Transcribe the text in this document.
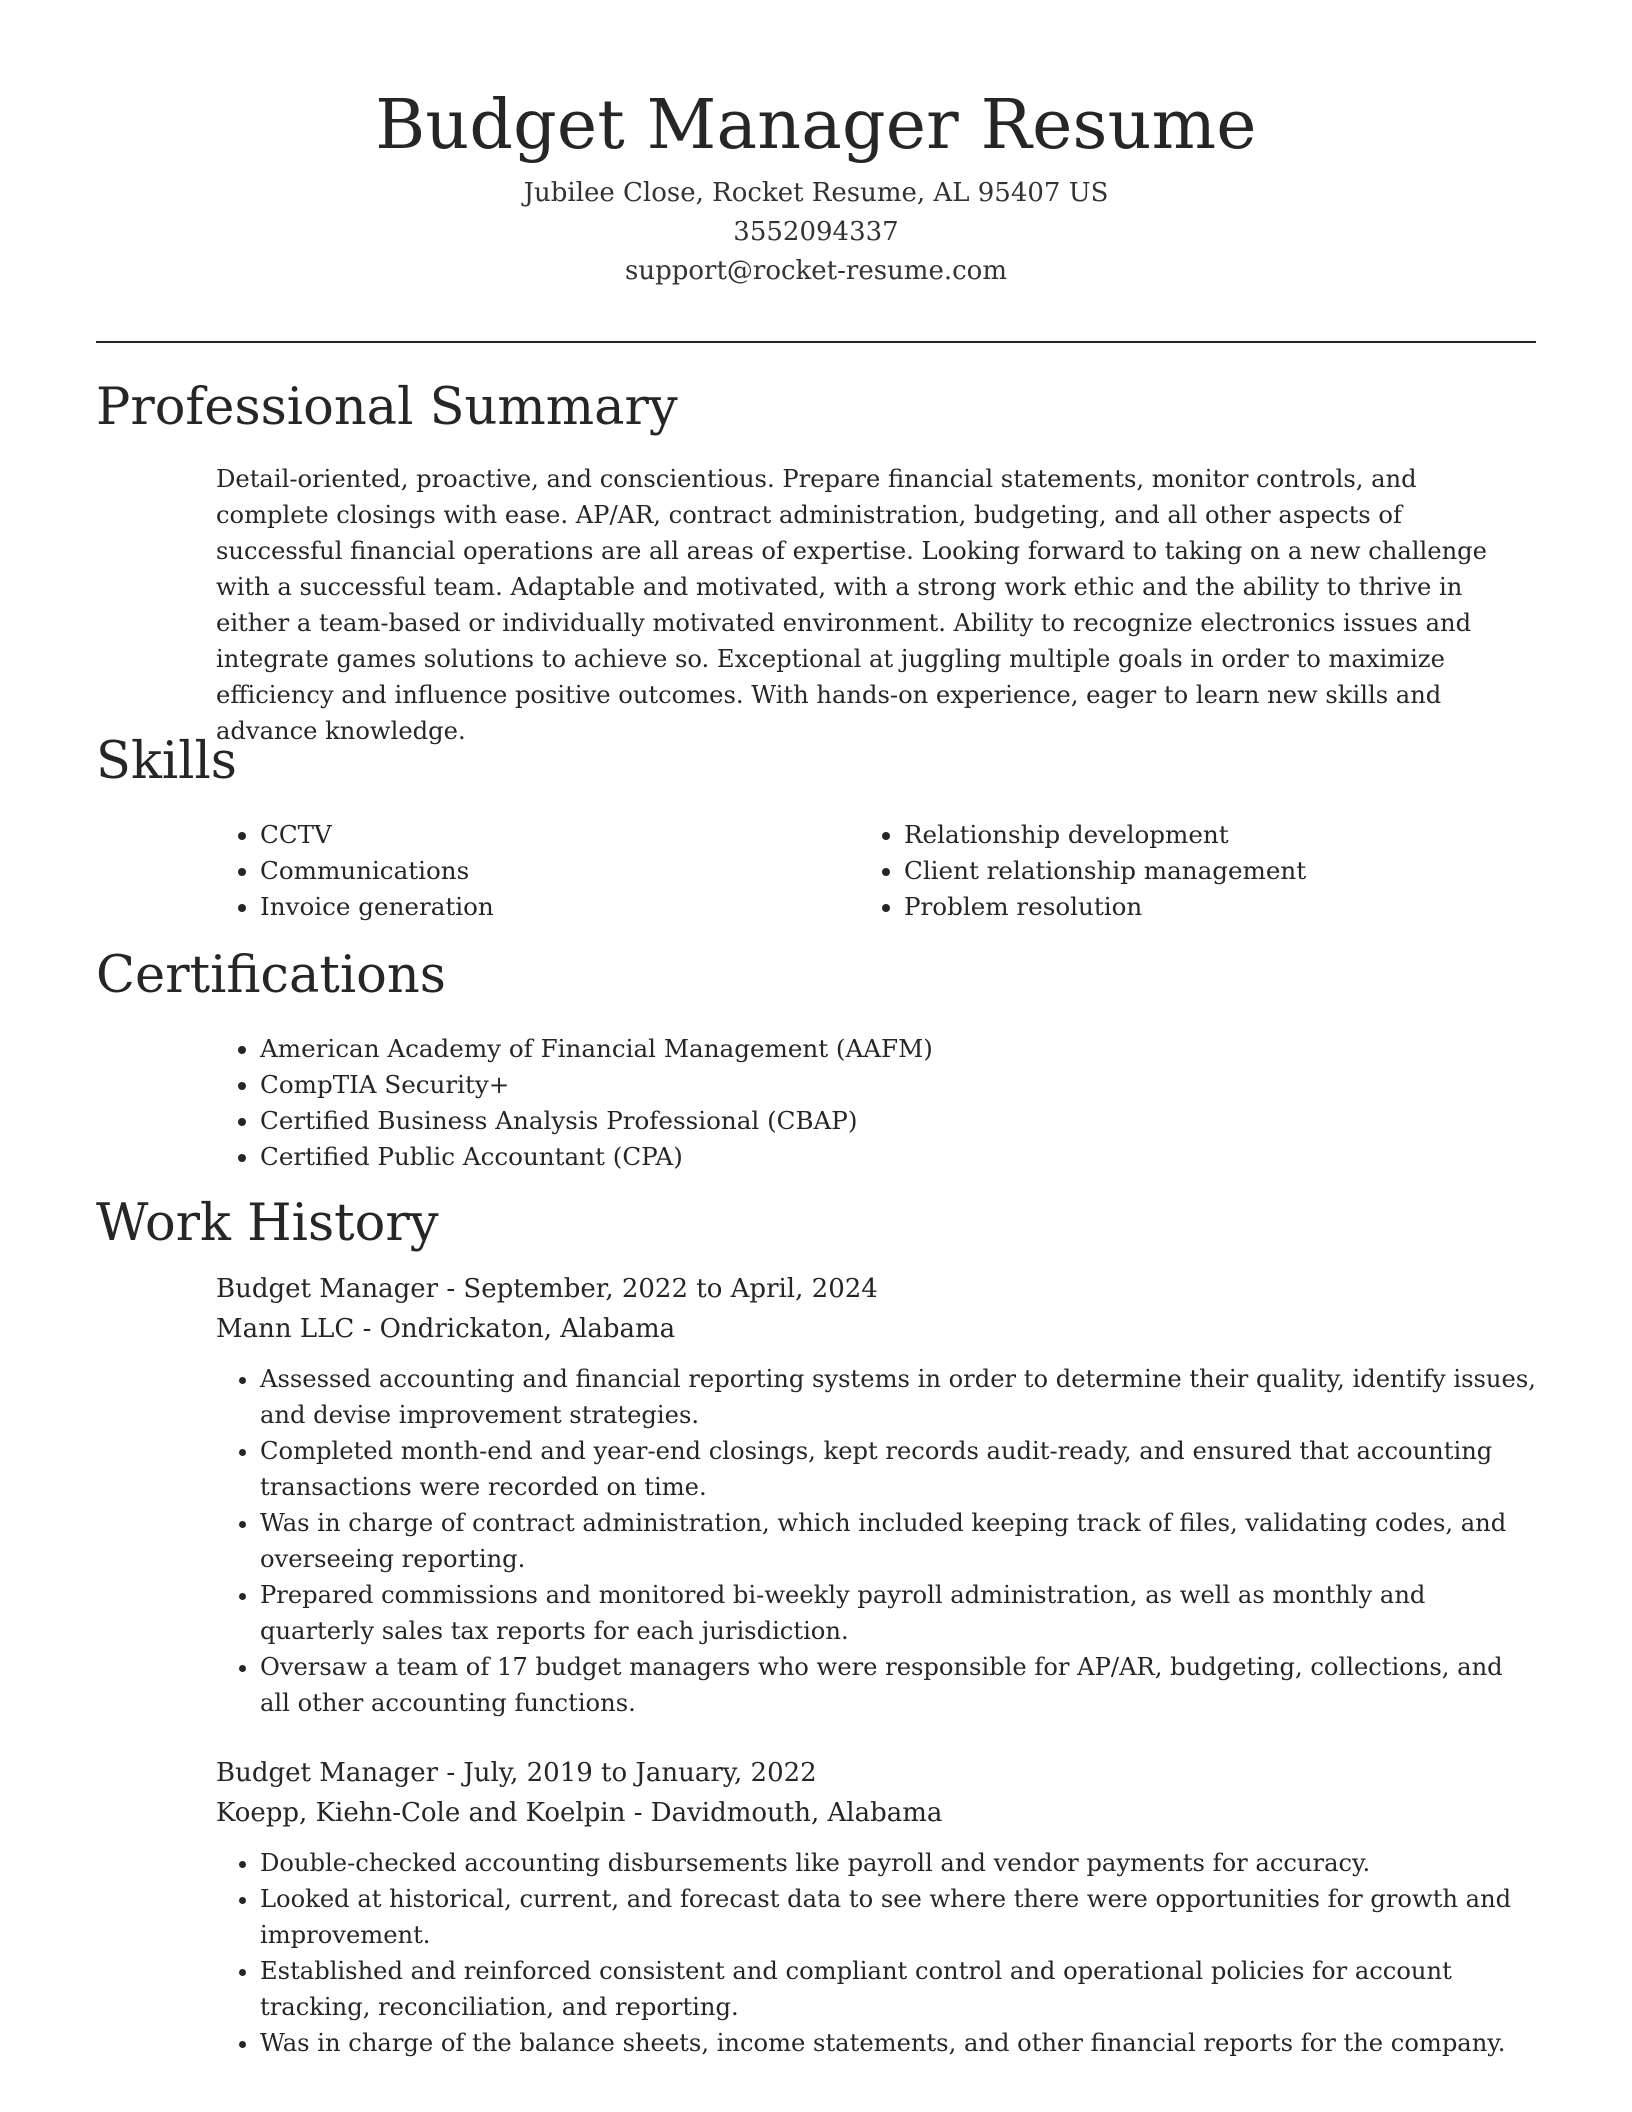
Budget Manager Resume
Jubilee Close, Rocket Resume, AL 95407 US
3552094337
support@rocket-resume.com
Professional Summary

Detail-oriented, proactive, and conscientious. Prepare financial statements, monitor controls, and complete closings with ease. AP/AR, contract administration, budgeting, and all other aspects of successful financial operations are all areas of expertise. Looking forward to taking on a new challenge with a successful team. Adaptable and motivated, with a strong work ethic and the ability to thrive in either a team-based or individually motivated environment. Ability to recognize electronics issues and integrate games solutions to achieve so. Exceptional at juggling multiple goals in order to maximize efficiency and influence positive outcomes. With hands-on experience, eager to learn new skills and advance knowledge.

Skills
• CCTV
• Communications
• Invoice generation
• Relationship development
• Client relationship management
• Problem resolution
Certifications
• American Academy of Financial Management (AAFM)
• CompTIA Security+
• Certified Business Analysis Professional (CBAP)
• Certified Public Accountant (CPA)
Work History
Budget Manager - September, 2022 to April, 2024
Mann LLC - Ondrickaton, Alabama
• Assessed accounting and financial reporting systems in order to determine their quality, identify issues, and devise improvement strategies.
• Completed month-end and year-end closings, kept records audit-ready, and ensured that accounting transactions were recorded on time.
• Was in charge of contract administration, which included keeping track of files, validating codes, and overseeing reporting.
• Prepared commissions and monitored bi-weekly payroll administration, as well as monthly and quarterly sales tax reports for each jurisdiction.
• Oversaw a team of 17 budget managers who were responsible for AP/AR, budgeting, collections, and all other accounting functions.
Budget Manager - July, 2019 to January, 2022
Koepp, Kiehn-Cole and Koelpin - Davidmouth, Alabama
• Double-checked accounting disbursements like payroll and vendor payments for accuracy.
• Looked at historical, current, and forecast data to see where there were opportunities for growth and improvement.
• Established and reinforced consistent and compliant control and operational policies for account tracking, reconciliation, and reporting.
• Was in charge of the balance sheets, income statements, and other financial reports for the company.
